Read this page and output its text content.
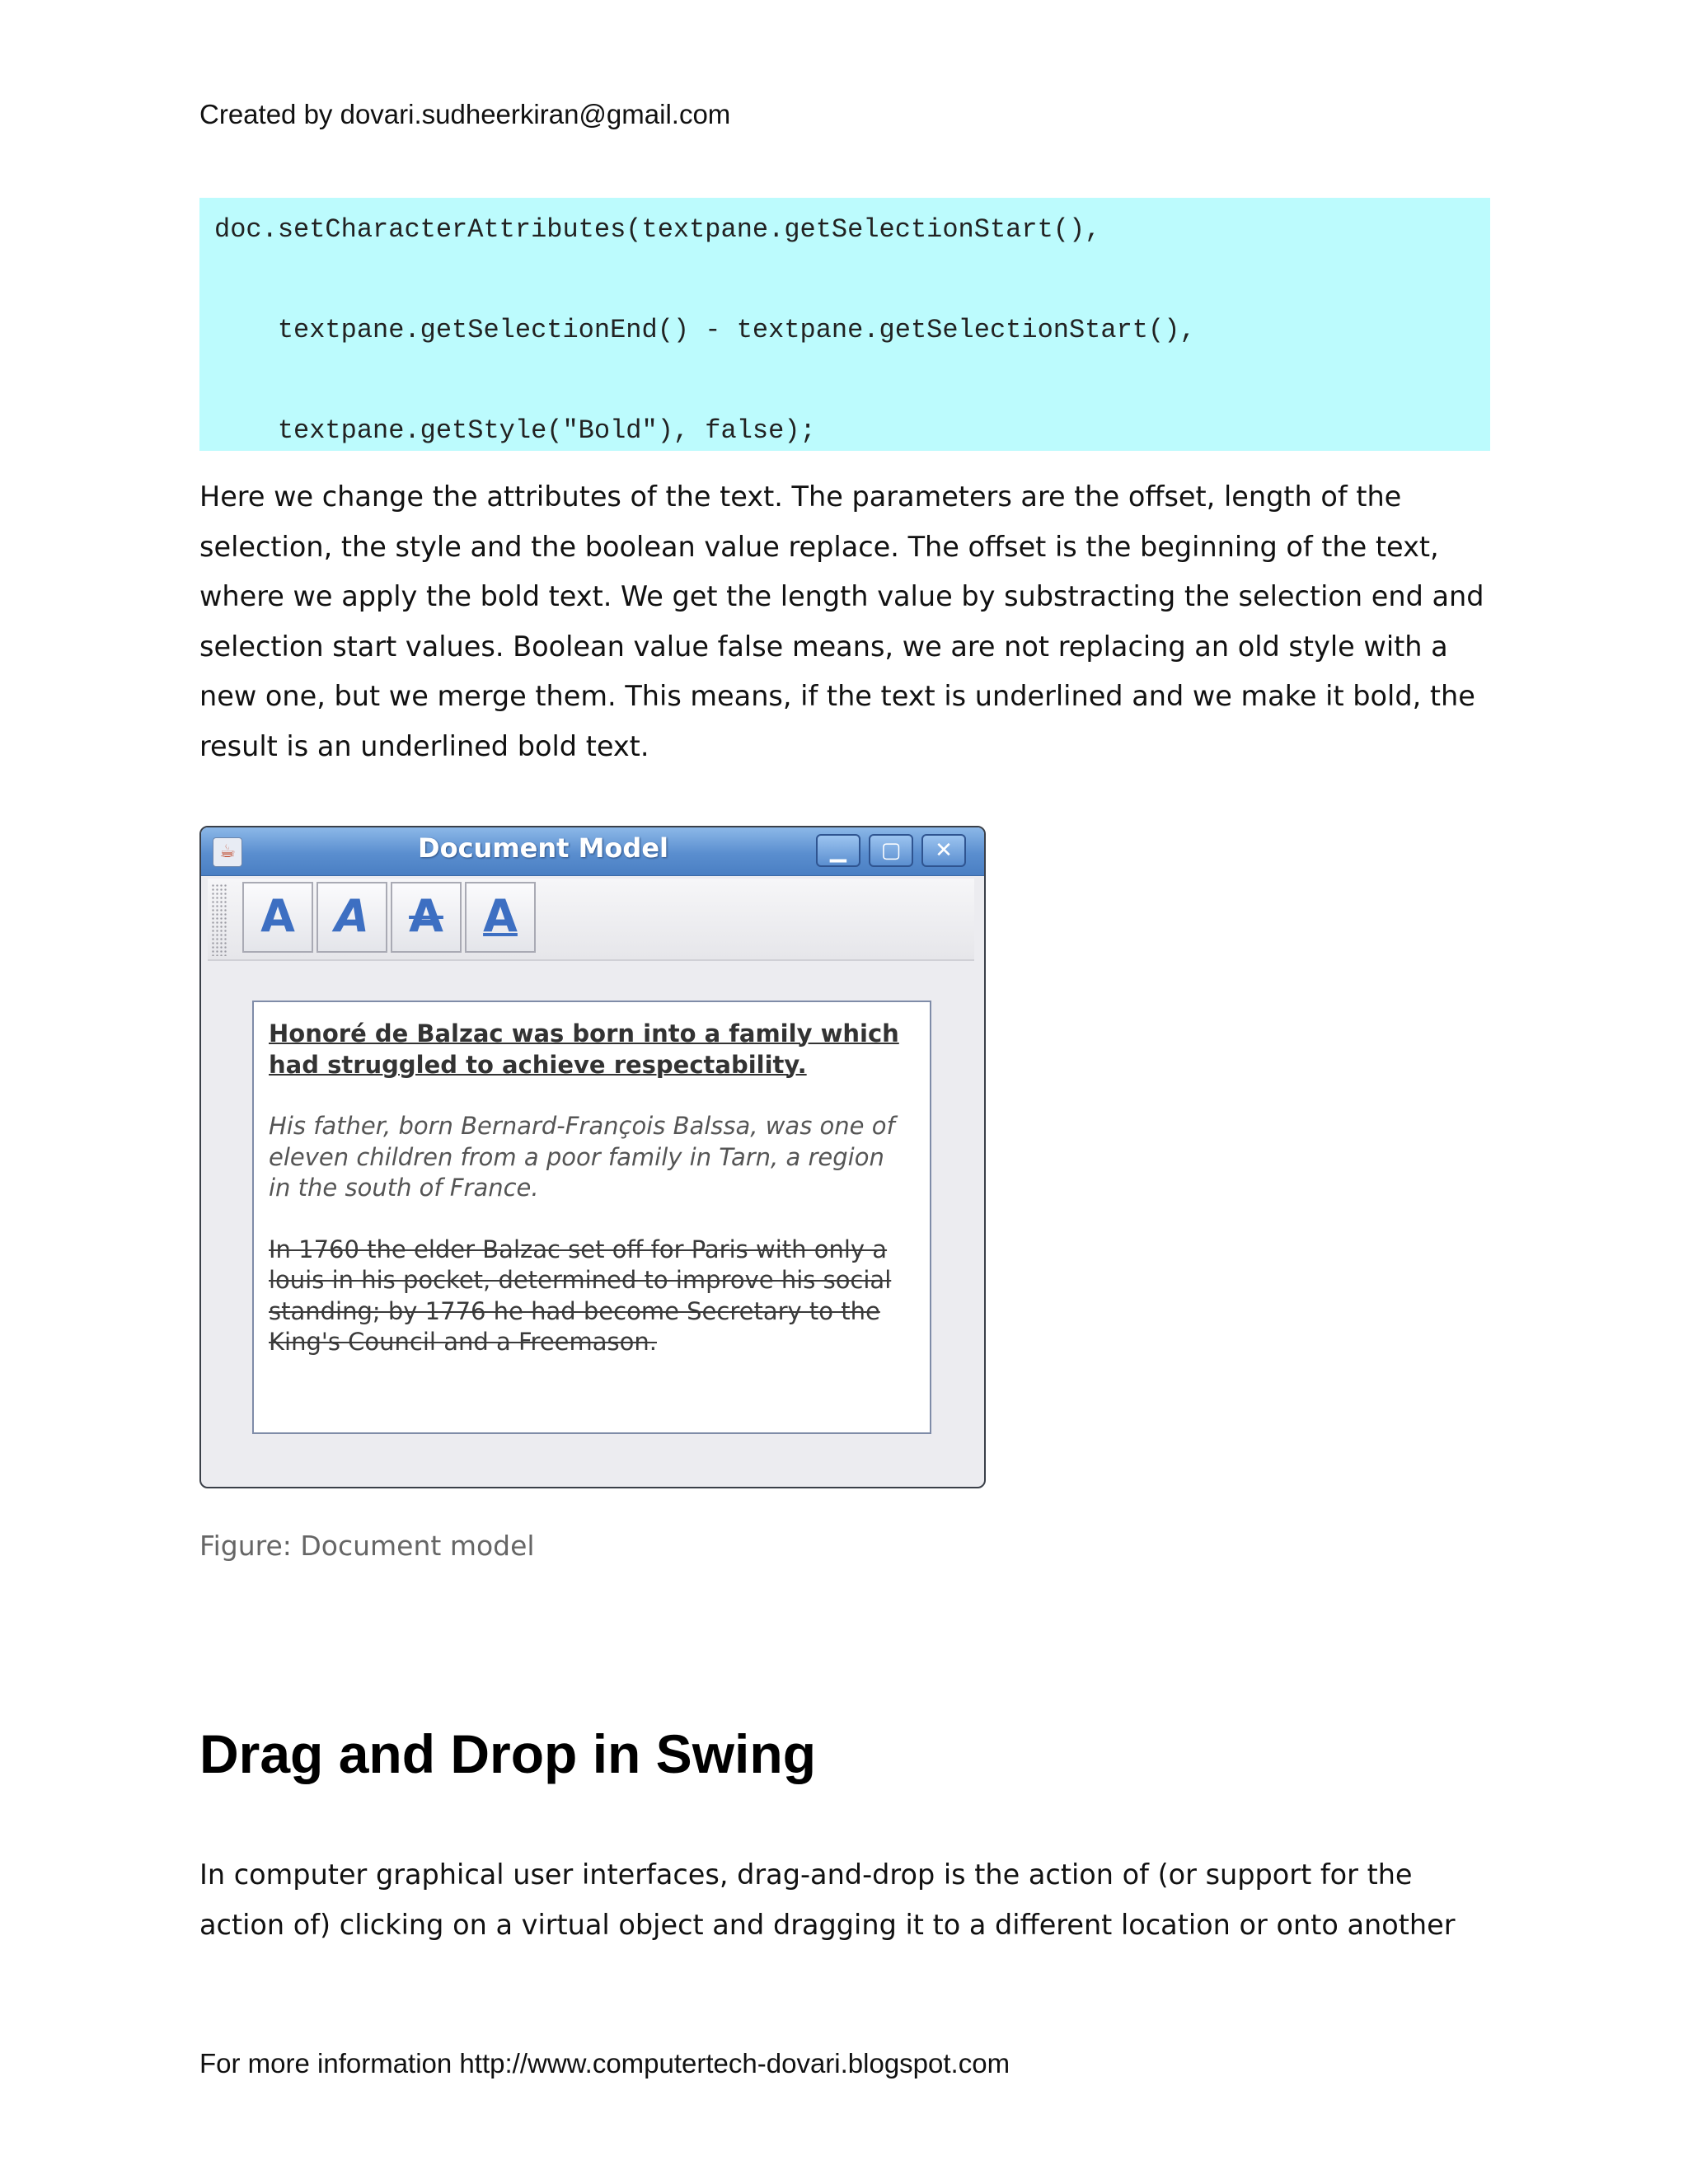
Created by dovari.sudheerkiran@gmail.com
doc.setCharacterAttributes(textpane.getSelectionStart(),
textpane.getSelectionEnd() - textpane.getSelectionStart(),
textpane.getStyle("Bold"), false);
Here we change the attributes of the text. The parameters are the offset, length of the
selection, the style and the boolean value replace. The offset is the beginning of the text,
where we apply the bold text. We get the length value by substracting the selection end and
selection start values. Boolean value false means, we are not replacing an old style with a
new one, but we merge them. This means, if the text is underlined and we make it bold, the
result is an underlined bold text.
☕	Document Model	▁	▢	✕
A A A A

Honoré de Balzac was born into a family which
had struggled to achieve respectability.

His father, born Bernard-François Balssa, was one of
eleven children from a poor family in Tarn, a region
in the south of France.

In 1760 the elder Balzac set off for Paris with only a
louis in his pocket, determined to improve his social
standing; by 1776 he had become Secretary to the
King's Council and a Freemason.

Figure: Document model
Drag and Drop in Swing
In computer graphical user interfaces, drag-and-drop is the action of (or support for the
action of) clicking on a virtual object and dragging it to a different location or onto another
For more information http://www.computertech-dovari.blogspot.com
